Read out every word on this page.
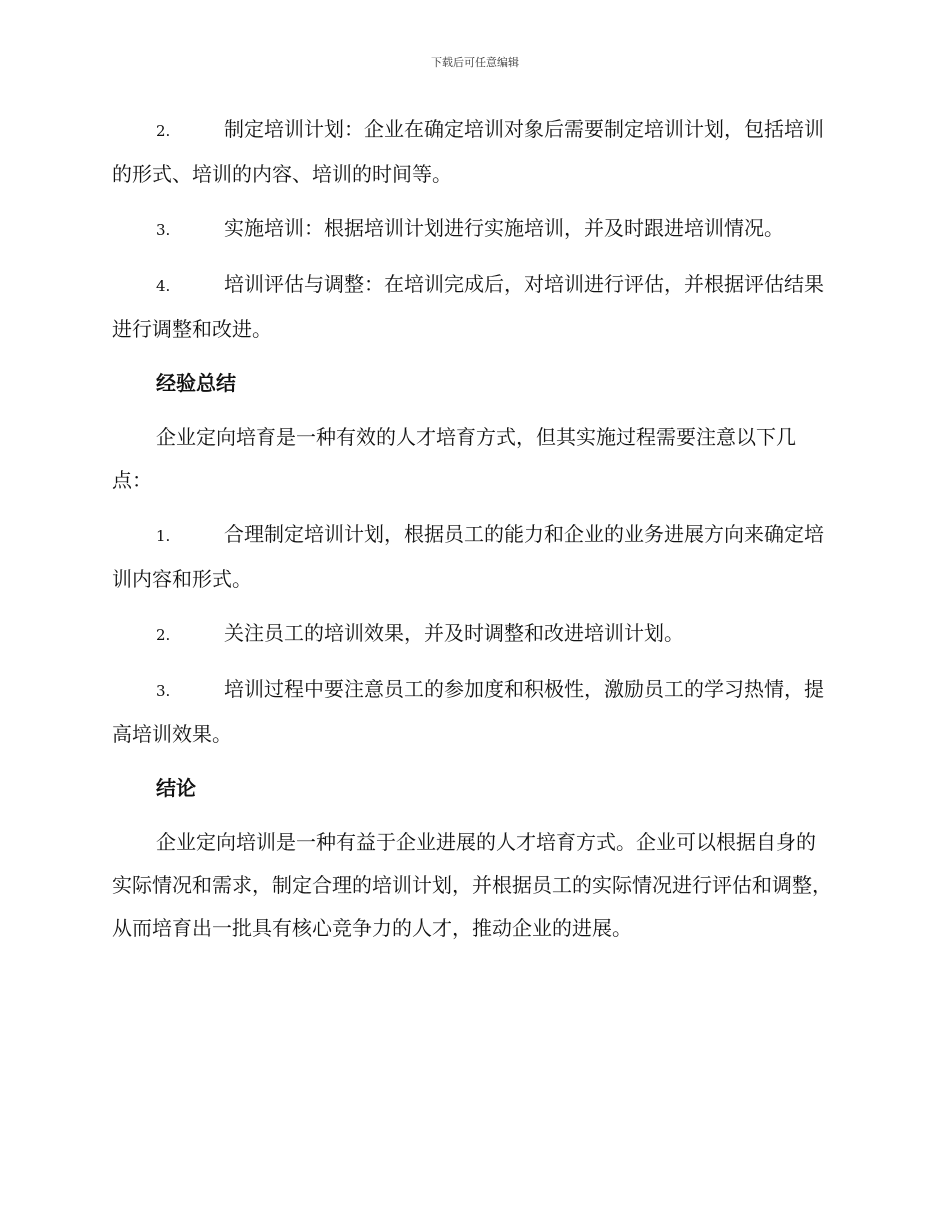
下载后可任意编辑

2.	制定培训计划：企业在确定培训对象后需要制定培训计划，包括培训的形式、培训的内容、培训的时间等。

3.	实施培训：根据培训计划进行实施培训，并及时跟进培训情况。

4.	培训评估与调整：在培训完成后，对培训进行评估，并根据评估结果进行调整和改进。

经验总结

企业定向培育是一种有效的人才培育方式，但其实施过程需要注意以下几点：

1.	合理制定培训计划，根据员工的能力和企业的业务进展方向来确定培训内容和形式。

2.	关注员工的培训效果，并及时调整和改进培训计划。

3.	培训过程中要注意员工的参加度和积极性，激励员工的学习热情，提高培训效果。

结论

企业定向培训是一种有益于企业进展的人才培育方式。企业可以根据自身的实际情况和需求，制定合理的培训计划，并根据员工的实际情况进行评估和调整，从而培育出一批具有核心竞争力的人才，推动企业的进展。
